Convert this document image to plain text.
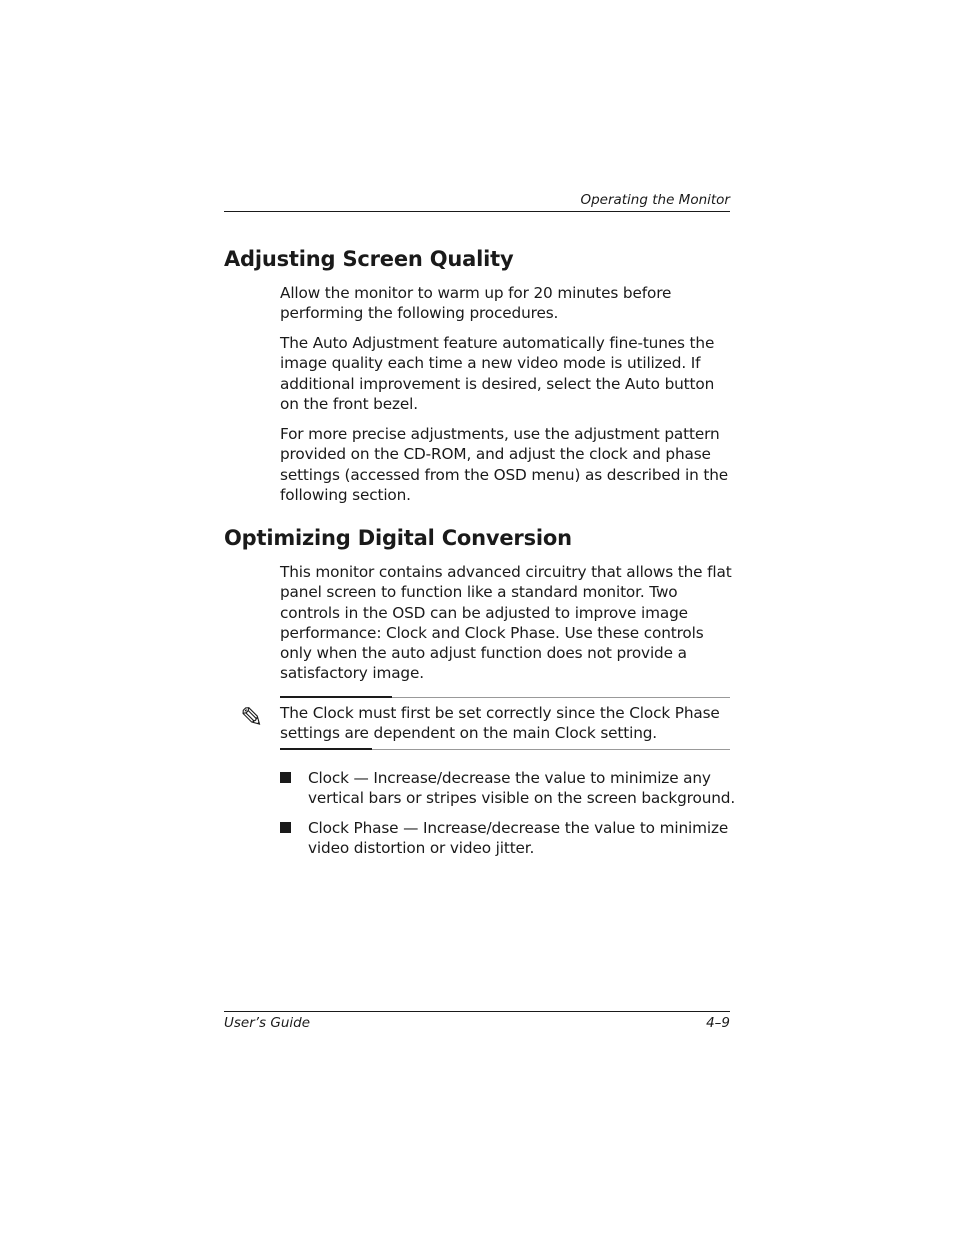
Operating the Monitor
Adjusting Screen Quality

Allow the monitor to warm up for 20 minutes before performing the following procedures.

The Auto Adjustment feature automatically fine-tunes the image quality each time a new video mode is utilized. If additional improvement is desired, select the Auto button on the front bezel.

For more precise adjustments, use the adjustment pattern provided on the CD-ROM, and adjust the clock and phase settings (accessed from the OSD menu) as described in the following section.

Optimizing Digital Conversion

This monitor contains advanced circuitry that allows the flat panel screen to function like a standard monitor. Two controls in the OSD can be adjusted to improve image performance: Clock and Clock Phase. Use these controls only when the auto adjust function does not provide a satisfactory image.

✎ The Clock must first be set correctly since the Clock Phase settings are dependent on the main Clock setting.

Clock — Increase/decrease the value to minimize any vertical bars or stripes visible on the screen background.

Clock Phase — Increase/decrease the value to minimize video distortion or video jitter.

User’s Guide	4–9
